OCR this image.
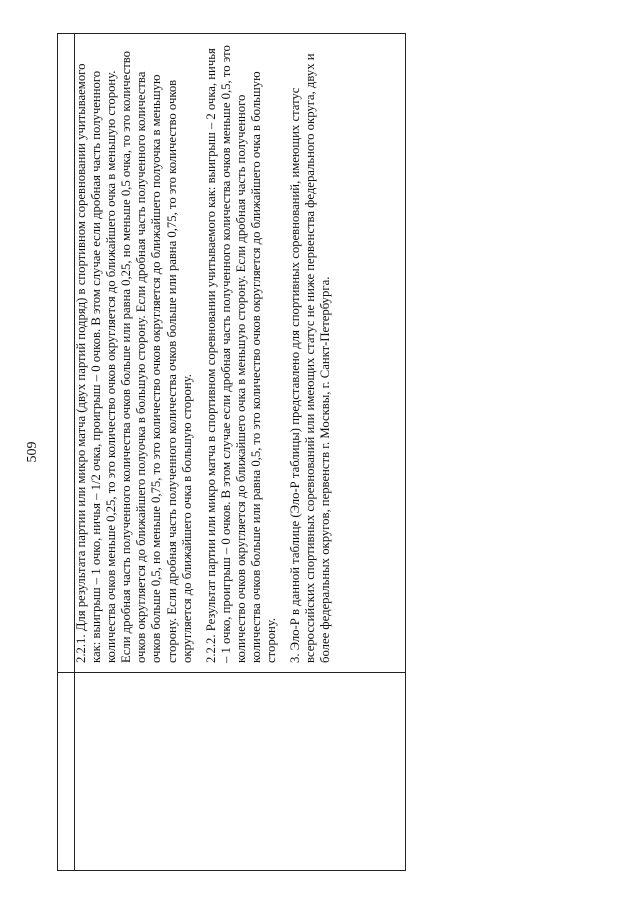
509	2.2.1. Для результата партии или микро матча (двух партий подряд) в спортивном соревновании учитываемого как: выигрыш – 1 очко, ничья – 1/2 очка, проигрыш – 0 очков. В этом случае если дробная часть полученного количества очков меньше 0,25, то это количество очков округляется до ближайшего очка в меньшую сторону. Если дробная часть полученного количества очков больше или равна 0,25, но меньше 0,5 очка, то это количество очков округляется до ближайшего полуочка в большую сторону. Если дробная часть полученного количества очков больше 0,5, но меньше 0,75, то это количество очков округляется до ближайшего полуочка в меньшую сторону. Если дробная часть полученного количества очков больше или равна 0,75, то это количество очков округляется до ближайшего очка в большую сторону. 2.2.2. Результат партии или микро матча в спортивном соревновании учитываемого как: выигрыш – 2 очка, ничья – 1 очко, проигрыш – 0 очков. В этом случае если дробная часть полученного количества очков меньше 0,5, то это количество очков округляется до ближайшего очка в меньшую сторону. Если дробная часть полученного количества очков больше или равна 0,5, то это количество очков округляется до ближайшего очка в большую сторону. 3. Эло-Р в данной таблице (Эло-Р таблицы) представлено для спортивных соревнований, имеющих статус всероссийских спортивных соревнований или имеющих статус не ниже первенства федерального округа, двух и более федеральных округов, первенств г. Москвы, г. Санкт-Петербурга.
